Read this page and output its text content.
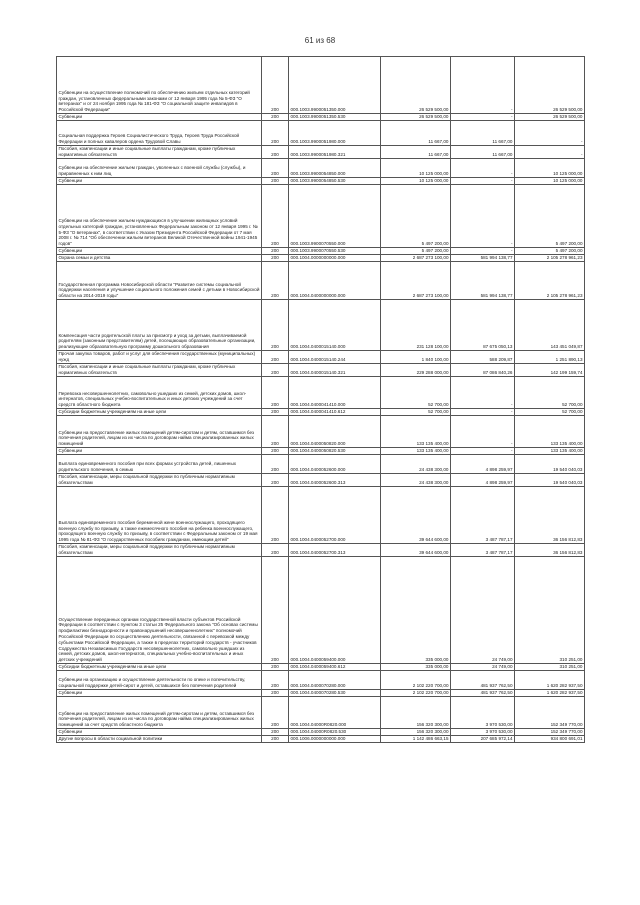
61 из 68
Субвенции на осуществление полномочий по обеспечению жильем отдельных категорий граждан, установленных федеральными законами от 12 января 1995 года № 5-ФЗ "О ветеранах" и от 24 ноября 1995 года № 181-ФЗ "О социальной защите инвалидов в Российской Федерации"	200	000.1003.9900051350.000	26 529 500,00	-	26 529 500,00
Субвенции	200	000.1003.9900051350.530	26 529 500,00	-	26 529 500,00
Социальная поддержка Героев Социалистического Труда, Героев Труда Российской Федерации и полных кавалеров ордена Трудовой Славы	200	000.1003.9900051980.000	11 667,00	11 667,00	-
Пособия, компенсации и иные социальные выплаты гражданам, кроме публичных нормативных обязательств	200	000.1003.9900051980.321	11 667,00	11 667,00	-
Субвенции на обеспечение жильем граждан, уволенных с военной службы (службы), и приравненных к ним лиц	200	000.1003.9900054850.000	10 125 000,00	-	10 125 000,00
Субвенции	200	000.1003.9900054850.530	10 125 000,00	-	10 125 000,00
Субвенции на обеспечение жильем нуждающихся в улучшении жилищных условий отдельных категорий граждан, установленных Федеральным законом от 12 января 1995 г. № 5-ФЗ "О ветеранах", в соответствии с Указом Президента Российской Федерации от 7 мая 2008 г. № 714 "Об обеспечении жильем ветеранов Великой Отечественной войны 1941-1945 годов"	200	000.1003.9900070550.000	5 497 200,00	-	5 497 200,00
Субвенции	200	000.1003.9900070550.530	5 497 200,00	-	5 497 200,00
Охрана семьи и детства	200	000.1004.0000000000.000	2 687 273 100,00	581 994 138,77	2 105 278 961,23
Государственная программа Новосибирской области "Развитие системы социальной поддержки населения и улучшение социального положения семей с детьми в Новосибирской области на 2014-2019 годы"	200	000.1004.0400000000.000	2 687 273 100,00	581 994 138,77	2 105 278 961,23
Компенсация части родительской платы за присмотр и уход за детьми, выплачиваемой родителям (законным представителям) детей, посещающих образовательные организации, реализующие образовательную программу дошкольного образования	200	000.1004.0400015140.000	231 128 100,00	87 675 050,13	143 451 049,87
Прочая закупка товаров, работ и услуг для обеспечения государственных (муниципальных) нужд	200	000.1004.0400015140.244	1 840 100,00	588 209,87	1 251 890,13
Пособия, компенсации и иные социальные выплаты гражданам, кроме публичных нормативных обязательств	200	000.1004.0400015140.321	229 288 000,00	87 086 840,26	142 199 159,74
Перевозка несовершеннолетних, самовольно ушедших из семей, детских домов, школ-интернатов, специальных учебно-воспитательных и иных детских учреждений за счет средств областного бюджета	200	000.1004.0400041410.000	52 700,00	-	52 700,00
Субсидии бюджетным учреждениям на иные цели	200	000.1004.0400041410.612	52 700,00	-	52 700,00
Субвенции на предоставление жилых помещений детям-сиротам и детям, оставшимся без попечения родителей, лицам из их числа по договорам найма специализированных жилых помещений	200	000.1004.0400050820.000	133 135 400,00	-	133 135 400,00
Субвенции	200	000.1004.0400050820.530	133 135 400,00	-	133 135 400,00
Выплата единовременного пособия при всех формах устройства детей, лишенных родительского попечения, в семью	200	000.1004.0400052600.000	24 438 300,00	4 898 259,97	19 540 040,03
Пособия, компенсации, меры социальной поддержки по публичным нормативным обязательствам	200	000.1004.0400052600.313	24 438 300,00	4 898 259,97	19 540 040,03
Выплата единовременного пособия беременной жене военнослужащего, проходящего военную службу по призыву, а также ежемесячного пособия на ребенка военнослужащего, проходящего военную службу по призыву, в соответствии с Федеральным законом от 19 мая 1995 года № 81-ФЗ "О государственных пособиях гражданам, имеющим детей"	200	000.1004.0400052700.000	39 644 600,00	3 487 787,17	36 156 812,83
Пособия, компенсации, меры социальной поддержки по публичным нормативным обязательствам	200	000.1004.0400052700.313	39 644 600,00	3 487 787,17	36 156 812,83
Осуществление переданных органам государственной власти субъектов Российской Федерации в соответствии с пунктом 3 статьи 25 Федерального закона "Об основах системы профилактики безнадзорности и правонарушений несовершеннолетних" полномочий Российской Федерации по осуществлению деятельности, связанной с перевозкой между субъектами Российской Федерации, а также в пределах территорий государств - участников Содружества Независимых Государств несовершеннолетних, самовольно ушедших из семей, детских домов, школ-интернатов, специальных учебно-воспитательных и иных детских учреждений	200	000.1004.0400059400.000	335 000,00	24 749,00	310 251,00
Субсидии бюджетным учреждениям на иные цели	200	000.1004.0400059400.612	335 000,00	24 749,00	310 251,00
Субвенции на организацию и осуществление деятельности по опеке и попечительству, социальной поддержке детей-сирот и детей, оставшихся без попечения родителей	200	000.1004.0400070280.000	2 102 220 700,00	481 937 762,50	1 620 282 937,50
Субвенции	200	000.1004.0400070280.530	2 102 220 700,00	481 937 762,50	1 620 282 937,50
Субвенции на предоставление жилых помещений детям-сиротам и детям, оставшимся без попечения родителей, лицам из их числа по договорам найма специализированных жилых помещений за счет средств областного бюджета	200	000.1004.04000R0820.000	156 320 300,00	3 970 530,00	152 349 770,00
Субвенции	200	000.1004.04000R0820.530	156 320 300,00	3 970 530,00	152 349 770,00
Другие вопросы в области социальной политики	200	000.1006.0000000000.000	1 142 486 663,15	207 685 972,14	934 800 691,01
